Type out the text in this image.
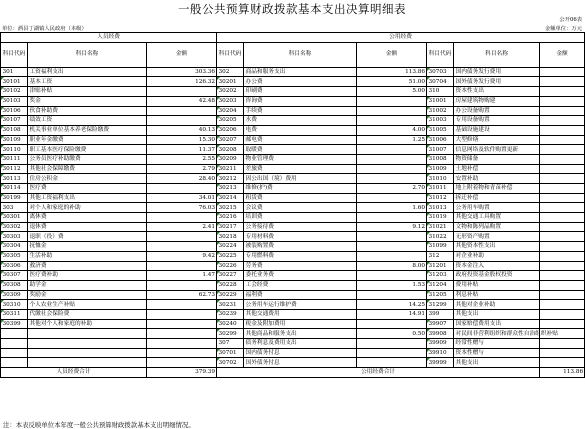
一般公共预算财政拨款基本支出决算明细表
公开06表
单位：酒县丁湖镇人民政府（本级）	金额单位：万元
人员经费			公用经费					
科目代码	科目名称	金额	科目代码	科目名称	金额	科目代码	科目名称	金额
301	工资福利支出	303.36	302	商品和服务支出	113.86	30703	国内债务发行费用	
30101	基本工资	126.32	30201	办公费	51.00	30704	国外债务发行费用	
30102	津贴补贴		30202	印刷费	5.00	310	资本性支出	
30103	奖金	42.48	30203	咨询费		31001	房屋建筑物购建	
30106	伙食补助费		30204	手续费		31002	办公设备购置	
30107	绩效工资		30205	水费		31003	专用设备购置	
30108	机关事业单位基本养老保险缴费	40.13	30206	电费	4.00	31005	基础设施建设	
30109	职业年金缴费	15.30	30207	邮电费	1.25	31006	大型修缮	
30110	职工基本医疗保险缴费	11.37	30208	取暖费		31007	信息网络及软件购置更新	
30111	公务员医疗补助缴费	2.55	30209	物业管理费		31008	物资储备	
30112	其他社会保障缴费	2.79	30211	差旅费		31009	土地补偿	
30113	住房公积金	28.40	30212	因公出国（境）费用		31010	安置补助	
30114	医疗费		30213	维修(护)费	2.70	31011	地上附着物和青苗补偿	
30199	其他工资福利支出	34.01	30214	租赁费		31012	拆迁补偿	
303	对个人和家庭的补助	76.03	30215	会议费	1.60	31013	公务用车购置	
30301	离休费		30216	培训费		31019	其他交通工具购置	
30302	退休费	2.41	30217	公务接待费	9.12	31021	文物和陈列品购置	
30303	退职（役）费		30218	专用材料费		31022	无形资产购置	
30304	抚恤金		30224	被装购置费		31099	其他资本性支出	
30305	生活补助	9.42	30225	专用燃料费		312	对企业补助	
30306	救济费		30226	劳务费	8.00	31201	资本金注入	
30307	医疗费补助	1.47	30227	委托业务费		31203	政府投资基金股权投资	
30308	助学金		30228	工会经费	1.53	31204	费用补贴	
30309	奖励金	62.73	30229	福利费		31205	利息补贴	
30310	个人农业生产补贴		30231	公务用车运行维护费	14.25	31299	其他对企业补助	
30311	代缴社会保险费		30239	其他交通费用	14.91	399	其他支出	
30399	其他对个人和家庭的补助		30240	税金及附加费用		39907	国家赔偿费用支出	
			30299	其他商品和服务支出	0.50	39908	对民间非营利组织和群众性自治组织补贴	
			307	债务利息及费用支出		39909	经常性赠与	
			30701	国内债务付息		39910	资本性赠与	
			30702	国外债务付息		39999	其他支出	
人员经费合计		379.39	公用经费合计					113.86
注：本表反映单位本年度一般公共预算财政拨款基本支出明细情况。
